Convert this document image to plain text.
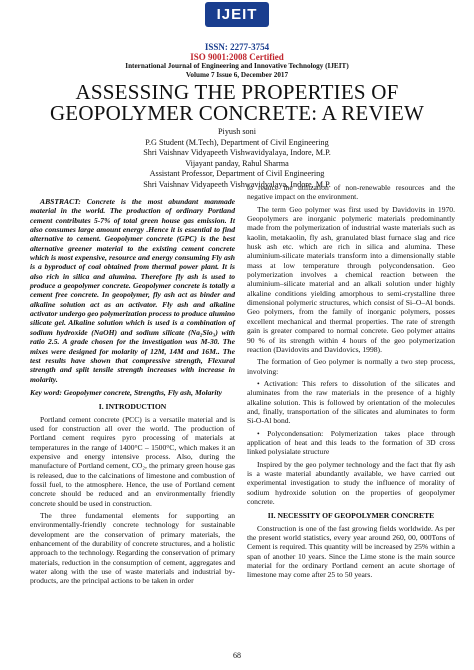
IJEIT
ISSN: 2277-3754
ISO 9001:2008 Certified
International Journal of Engineering and Innovative Technology (IJEIT)
Volume 7 Issue 6, December 2017
ASSESSING THE PROPERTIES OF
GEOPOLYMER CONCRETE: A REVIEW
Piyush soni
P.G Student (M.Tech), Department of Civil Engineering
Shri Vaishnav Vidyapeeth Vishwavidyalaya, Indore, M.P.
Vijayant panday, Rahul Sharma
Assistant Professor, Department of Civil Engineering
Shri Vaishnav Vidyapeeth Vishwavidyalaya, Indore, M.P.

ABSTRACT: Concrete is the most abundant manmade material in the world. The production of ordinary Portland cement contributes 5-7% of total green house gas emission. It also consumes large amount energy .Hence it is essential to find alternative to cement. Geopolymer concrete (GPC) is the best alternative greener material to the existing cement concrete which is most expensive, resource and energy consuming Fly ash is a byproduct of coal obtained from thermal power plant. It is also rich in silica and alumina. Therefore fly ash is used to produce a geopolymer concrete. Geopolymer concrete is totally a cement free concrete. In geopolymer, fly ash act as binder and alkaline solution act as an activator. Fly ash and alkaline activator undergo geo polymerization process to produce alumino silicate gel. Alkaline solution which is used is a combination of sodium hydroxide (NaOH) and sodium silicate (Na₂Sio₃) with ratio 2.5. A grade chosen for the investigation was M-30. The mixes were designed for molarity of 12M, 14M and 16M.. The test results have shown that compressive strength, Flexural strength and split tensile strength increases with increase in molarity.

Key word: Geopolymer concrete, Strengths, Fly ash, Molarity

I. INTRODUCTION

Portland cement concrete (PCC) is a versatile material and is used for construction all over the world. The production of Portland cement requires pyro processing of materials at temperatures in the range of 1400°C – 1500°C, which makes it an expensive and energy intensive process. Also, during the manufacture of Portland cement, CO₂, the primary green house gas is released, due to the calcinations of limestone and combustion of fossil fuel, to the atmosphere. Hence, the use of Portland cement concrete should be reduced and an environmentally friendly concrete should be used in construction.

The three fundamental elements for supporting an environmentally-friendly concrete technology for sustainable development are the conservation of primary materials, the enhancement of the durability of concrete structures, and a holistic approach to the technology. Regarding the conservation of primary materials, reduction in the consumption of cement, aggregates and water along with the use of waste materials and industrial by-products, are the principal actions to be taken in order

to reduce the utilization of non-renewable resources and the negative impact on the environment.

The term Geo polymer was first used by Davidovits in 1970. Geopolymers are inorganic polymeric materials predominantly made from the polymerization of industrial waste materials such as kaolin, metakaolin, fly ash, granulated blast furnace slag and rice husk ash etc. which are rich in silica and alumina. These aluminium-silicate materials transform into a dimensionally stable mass at low temperature through polycondensation. Geo polymerization involves a chemical reaction between the aluminium–silicate material and an alkali solution under highly alkaline conditions yielding amorphous to semi-crystalline three dimensional polymeric structures, which consist of Si–O–Al bonds. Geo polymers, from the family of inorganic polymers, posses excellent mechanical and thermal properties. The rate of strength gain is greater compared to normal concrete. Geo polymer attains 90 % of its strength within 4 hours of the geo polymerization reaction (Davidovits and Davidovics, 1998).

The formation of Geo polymer is normally a two step process, involving:

• Activation: This refers to dissolution of the silicates and aluminates from the raw materials in the presence of a highly alkaline solution. This is followed by orientation of the molecules and, finally, transportation of the silicates and aluminates to form Si-O-Al bond.

• Polycondensation: Polymerization takes place through application of heat and this leads to the formation of 3D cross linked polysialate structure

Inspired by the geo polymer technology and the fact that fly ash is a waste material abundantly available, we have carried out experimental investigation to study the influence of morality of sodium hydroxide solution on the properties of geopolymer concrete.

II. NECESSITY OF GEOPOLYMER CONCRETE

Construction is one of the fast growing fields worldwide. As per the present world statistics, every year around 260, 00, 000Tons of Cement is required. This quantity will be increased by 25% within a span of another 10 years. Since the Lime stone is the main source material for the ordinary Portland cement an acute shortage of limestone may come after 25 to 50 years.

68
